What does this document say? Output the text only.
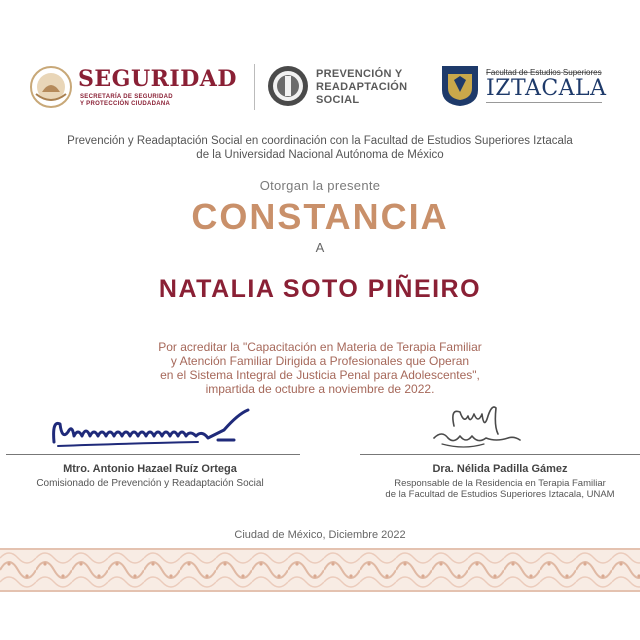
SEGURIDAD
SECRETARÍA DE SEGURIDAD
Y PROTECCIÓN CIUDADANA
PREVENCIÓN Y
READAPTACIÓN
SOCIAL
Facultad de Estudios Superiores
IZTACALA
Prevención y Readaptación Social en coordinación con la Facultad de Estudios Superiores Iztacala
de la Universidad Nacional Autónoma de México
Otorgan la presente
CONSTANCIA
A
NATALIA SOTO PIÑEIRO
Por acreditar la "Capacitación en Materia de Terapia Familiar
y Atención Familiar Dirigida a Profesionales que Operan
en el Sistema Integral de Justicia Penal para Adolescentes",
impartida de octubre a noviembre de 2022.
Mtro. Antonio Hazael Ruíz Ortega
Comisionado de Prevención y Readaptación Social
Dra. Nélida Padilla Gámez
Responsable de la Residencia en Terapia Familiar
de la Facultad de Estudios Superiores Iztacala, UNAM
Ciudad de México, Diciembre 2022
